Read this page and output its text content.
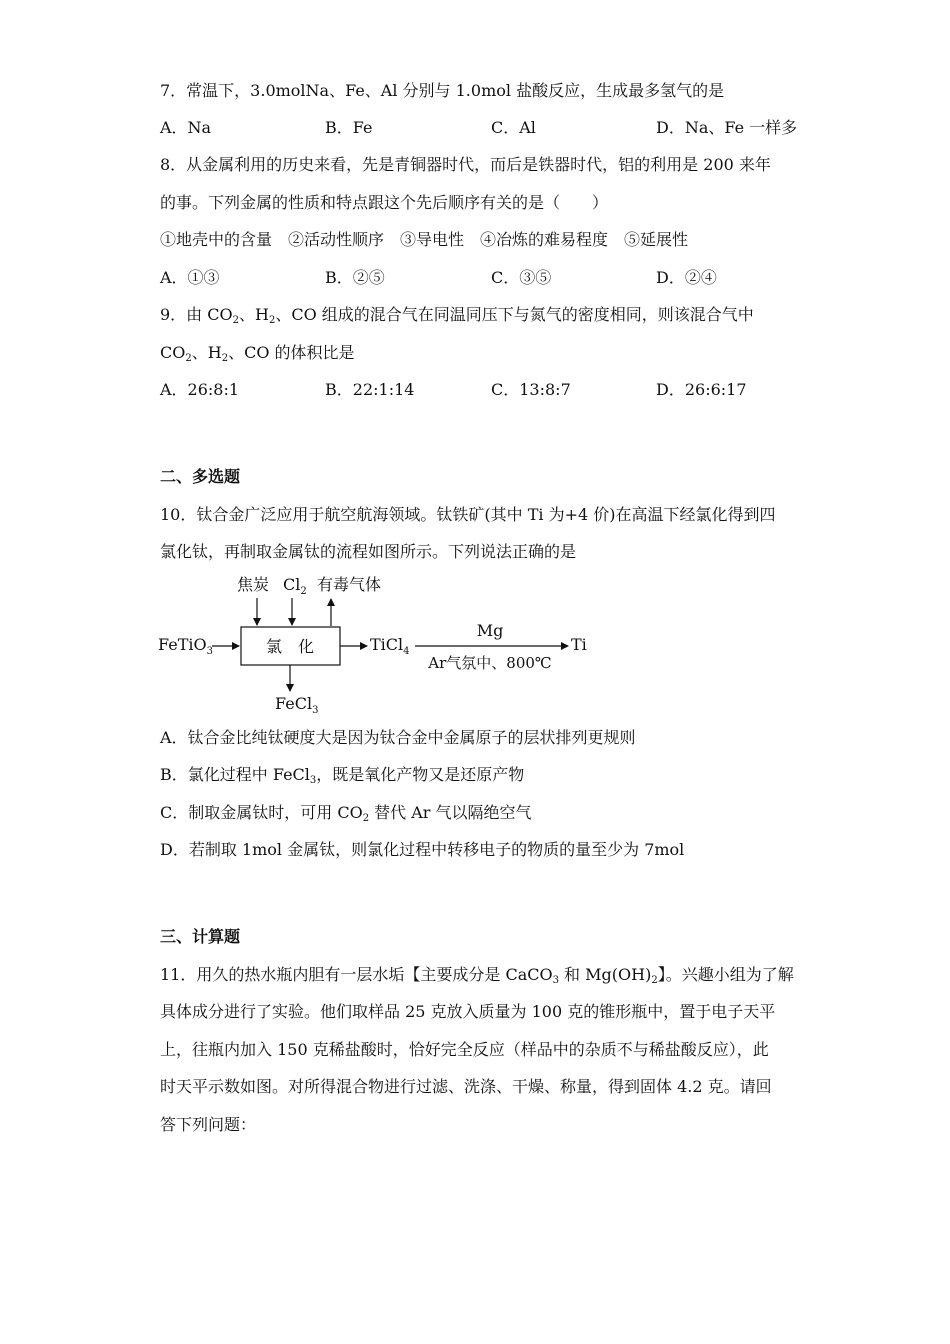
7．常温下，3.0molNa、Fe、Al 分别与 1.0mol 盐酸反应，生成最多氢气的是
A．Na	B．Fe	C．Al	D．Na、Fe 一样多
8．从金属利用的历史来看，先是青铜器时代，而后是铁器时代，铝的利用是 200 来年
的事。下列金属的性质和特点跟这个先后顺序有关的是（　　）
①地壳中的含量　②活动性顺序　③导电性　④冶炼的难易程度　⑤延展性
A．①③	B．②⑤	C．③⑤	D．②④
9．由 $CO_2$、$H_2$、CO 组成的混合气在同温同压下与氮气的密度相同，则该混合气中
$CO_2$、$H_2$、CO 的体积比是
A．26:8:1	B．22:1:14	C．13:8:7	D．26:6:17
二、多选题
10．钛合金广泛应用于航空航海领域。钛铁矿(其中 Ti 为+4 价)在高温下经氯化得到四
氯化钛，再制取金属钛的流程如图所示。下列说法正确的是
焦炭 $Cl_2$ 有毒气体
氯　化
FeTiO$_3$	TiCl$_4$
Mg
Ar气氛中、800℃
Ti
FeCl$_3$
A．钛合金比纯钛硬度大是因为钛合金中金属原子的层状排列更规则
B．氯化过程中 FeCl$_3$，既是氧化产物又是还原产物
C．制取金属钛时，可用 $CO_2$ 替代 Ar 气以隔绝空气
D．若制取 1mol 金属钛，则氯化过程中转移电子的物质的量至少为 7mol
三、计算题
11．用久的热水瓶内胆有一层水垢【主要成分是 CaCO$_3$ 和 $Mg(OH)_2$】。兴趣小组为了解
具体成分进行了实验。他们取样品 25 克放入质量为 100 克的锥形瓶中，置于电子天平
上，往瓶内加入 150 克稀盐酸时，恰好完全反应（样品中的杂质不与稀盐酸反应），此
时天平示数如图。对所得混合物进行过滤、洗涤、干燥、称量，得到固体 4.2 克。请回
答下列问题：
